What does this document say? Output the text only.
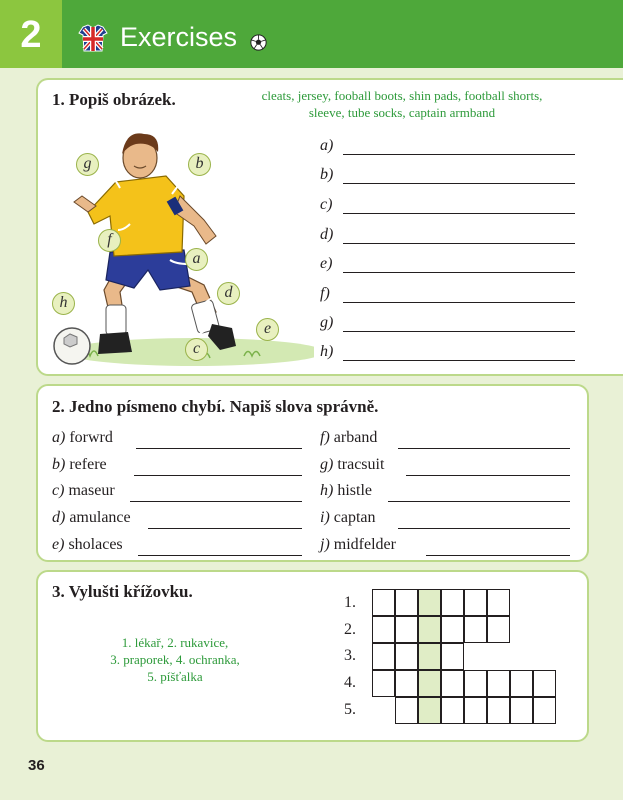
2	Exercises
1. Popiš obrázek.	cleats, jersey, fooball boots, shin pads, football shorts,
sleeve, tube socks, captain armband
g	b
f
a
d
h
e
c
a)
b)
c)
d)
e)
f)
g)
h)
2. Jedno písmeno chybí. Napiš slova správně.
a) forwrd
b) refere
c) maseur
d) amulance
e) sholaces
f) arband
g) tracsuit
h) histle
i) captan
j) midfelder
3. Vylušti křížovku.
1. lékař, 2. rukavice,
3. praporek, 4. ochranka,
5. píšťalka
1.
2.
3.
4.
5.
36
